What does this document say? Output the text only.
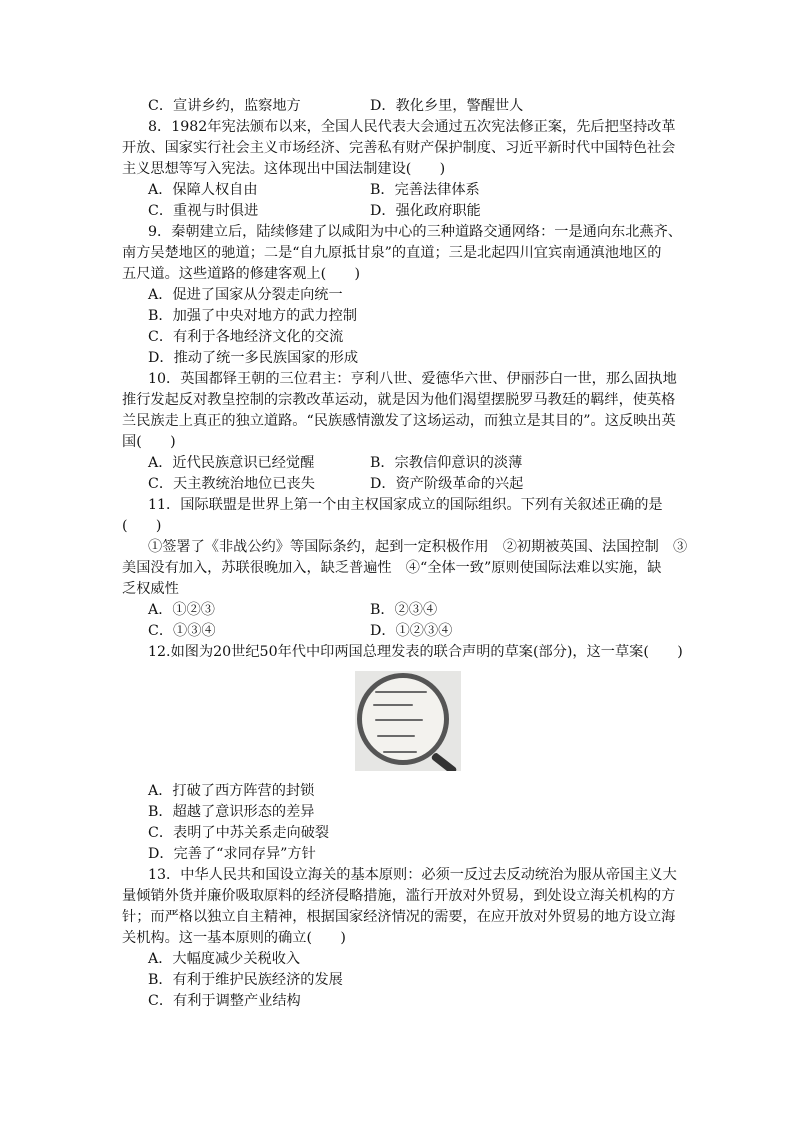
C．宣讲乡约，监察地方	D．教化乡里，警醒世人
8．1982年宪法颁布以来，全国人民代表大会通过五次宪法修正案，先后把坚持改革
开放、国家实行社会主义市场经济、完善私有财产保护制度、习近平新时代中国特色社会
主义思想等写入宪法。这体现出中国法制建设(　　)
A．保障人权自由	B．完善法律体系
C．重视与时俱进	D．强化政府职能
9．秦朝建立后，陆续修建了以咸阳为中心的三种道路交通网络：一是通向东北燕齐、
南方吴楚地区的驰道；二是“自九原抵甘泉”的直道；三是北起四川宜宾南通滇池地区的
五尺道。这些道路的修建客观上(　　)
A．促进了国家从分裂走向统一
B．加强了中央对地方的武力控制
C．有利于各地经济文化的交流
D．推动了统一多民族国家的形成
10．英国都铎王朝的三位君主：亨利八世、爱德华六世、伊丽莎白一世，那么固执地
推行发起反对教皇控制的宗教改革运动，就是因为他们渴望摆脱罗马教廷的羁绊，使英格
兰民族走上真正的独立道路。“民族感情激发了这场运动，而独立是其目的”。这反映出英
国(　　)
A．近代民族意识已经觉醒	B．宗教信仰意识的淡薄
C．天主教统治地位已丧失	D．资产阶级革命的兴起
11．国际联盟是世界上第一个由主权国家成立的国际组织。下列有关叙述正确的是
(　　)
①签署了《非战公约》等国际条约，起到一定积极作用　②初期被英国、法国控制　③
美国没有加入，苏联很晚加入，缺乏普遍性　④“全体一致”原则使国际法难以实施，缺
乏权威性
A．①②③	B．②③④
C．①③④	D．①②③④
12.如图为20世纪50年代中印两国总理发表的联合声明的草案(部分)，这一草案(　　)
A．打破了西方阵营的封锁
B．超越了意识形态的差异
C．表明了中苏关系走向破裂
D．完善了“求同存异”方针
13．中华人民共和国设立海关的基本原则：必须一反过去反动统治为服从帝国主义大
量倾销外货并廉价吸取原料的经济侵略措施，滥行开放对外贸易，到处设立海关机构的方
针；而严格以独立自主精神，根据国家经济情况的需要，在应开放对外贸易的地方设立海
关机构。这一基本原则的确立(　　)
A．大幅度减少关税收入
B．有利于维护民族经济的发展
C．有利于调整产业结构
